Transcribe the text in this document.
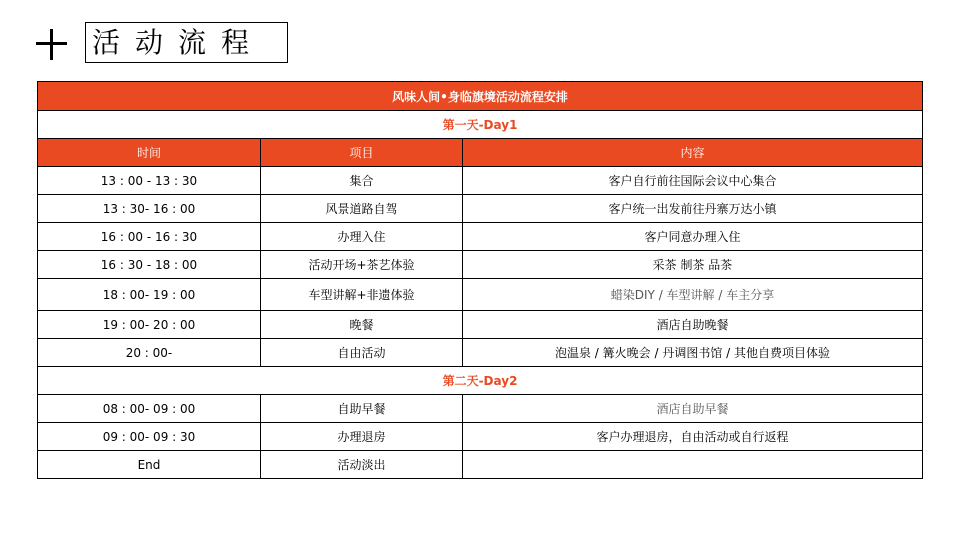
活动流程
风味人间•身临旗境活动流程安排		
第一天-Day1		
时间	项目	内容
13 : 00 - 13 : 30	集合	客户自行前往国际会议中心集合
13 : 30- 16 : 00	风景道路自驾	客户统一出发前往丹寨万达小镇
16 : 00 - 16 : 30	办理入住	客户同意办理入住
16 : 30 - 18 : 00	活动开场+茶艺体验	采茶 制茶 品茶
18 : 00- 19 : 00	车型讲解+非遗体验	蜡染DIY / 车型讲解 / 车主分享
19 : 00- 20 : 00	晚餐	酒店自助晚餐
20 : 00-	自由活动	泡温泉 / 篝火晚会 / 丹调图书馆 / 其他自费项目体验
第二天-Day2		
08 : 00- 09 : 00	自助早餐	酒店自助早餐
09 : 00- 09 : 30	办理退房	客户办理退房，自由活动或自行返程
End	活动淡出	
